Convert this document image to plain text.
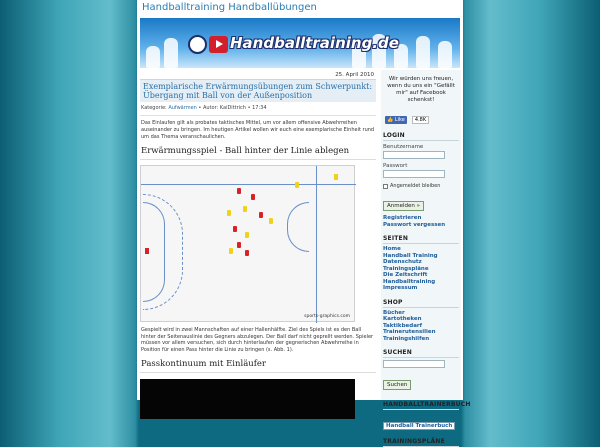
Handballtraining Handballübungen
Handballtraining.de
25. April 2010
Exemplarische Erwärmungsübungen zum Schwerpunkt: Übergang mit Ball von der Außenposition
Kategorie: Aufwärmen • Autor: KaiDittrich • 17:34
Das Einlaufen gilt als probates taktisches Mittel, um vor allem offensive Abwehrreihen auseinander zu bringen. Im heutigen Artikel wollen wir euch eine exemplarische Einheit rund um das Thema veranschaulichen.
Erwärmungsspiel - Ball hinter der Linie ablegen
sports-graphics.com
Gespielt wird in zwei Mannschaften auf einer Hallenhälfte. Ziel des Spiels ist es den Ball hinter der Seitenauslinie des Gegners abzulegen. Der Ball darf nicht geprellt werden. Spieler müssen vor allem versuchen, sich durch hinterlaufen der gegnerischen Abwehrreihe in Position für einen Pass hinter die Linie zu bringen (s. Abb. 1).
Passkontinuum mit Einläufer
Wir würden uns freuen, wenn du uns ein "Gefällt mir" auf Facebook schenkst!
👍 Like 4.8K
LOGIN
Benutzername
Passwort
Angemeldet bleiben
Anmelden »
Registrieren
Passwort vergessen
SEITEN
Home
Handball Training
Datenschutz
Trainingspläne
Die Zeitschrift
Handballtraining
Impressum
SHOP
Bücher
Kartotheken
Taktikbedarf
Trainerutensilien
Trainingshilfen
SUCHEN
Suchen
HANDBALLTRAINERBUCH
Handball Trainerbuch
TRAININGSPLÄNE
